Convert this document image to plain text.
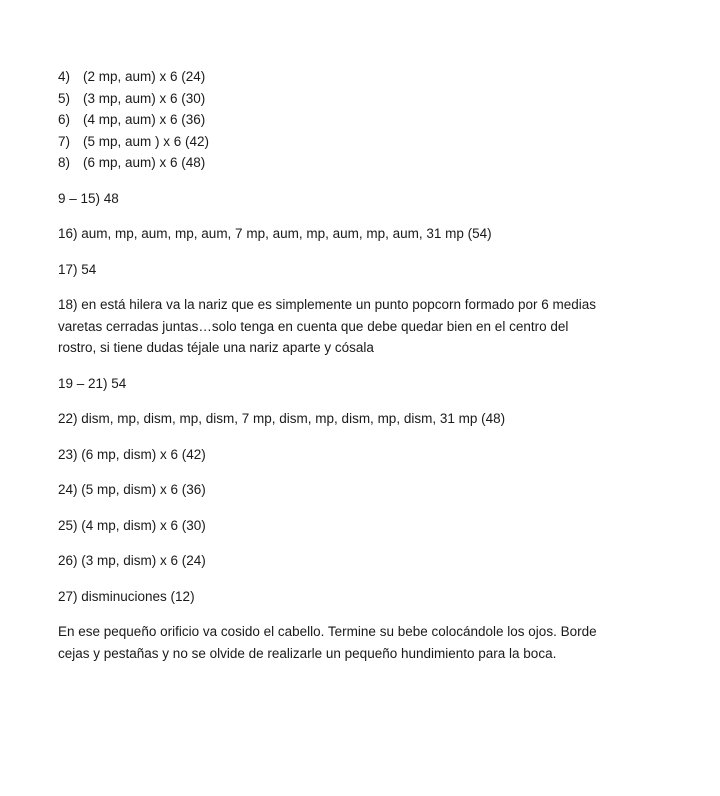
4) (2 mp, aum) x 6 (24)
5) (3 mp, aum) x 6 (30)
6) (4 mp, aum) x 6 (36)
7) (5 mp, aum ) x 6 (42)
8) (6 mp, aum) x 6 (48)

9 – 15) 48

16) aum, mp, aum, mp, aum, 7 mp, aum, mp, aum, mp, aum, 31 mp (54)

17) 54

18) en está hilera va la nariz que es simplemente un punto popcorn formado por 6 medias

varetas cerradas juntas…solo tenga en cuenta que debe quedar bien en el centro del

rostro, si tiene dudas téjale una nariz aparte y cósala

19 – 21) 54

22) dism, mp, dism, mp, dism, 7 mp, dism, mp, dism, mp, dism, 31 mp (48)

23) (6 mp, dism) x 6 (42)

24) (5 mp, dism) x 6 (36)

25) (4 mp, dism) x 6 (30)

26) (3 mp, dism) x 6 (24)

27) disminuciones (12)

En ese pequeño orificio va cosido el cabello. Termine su bebe colocándole los ojos. Borde

cejas y pestañas y no se olvide de realizarle un pequeño hundimiento para la boca.
